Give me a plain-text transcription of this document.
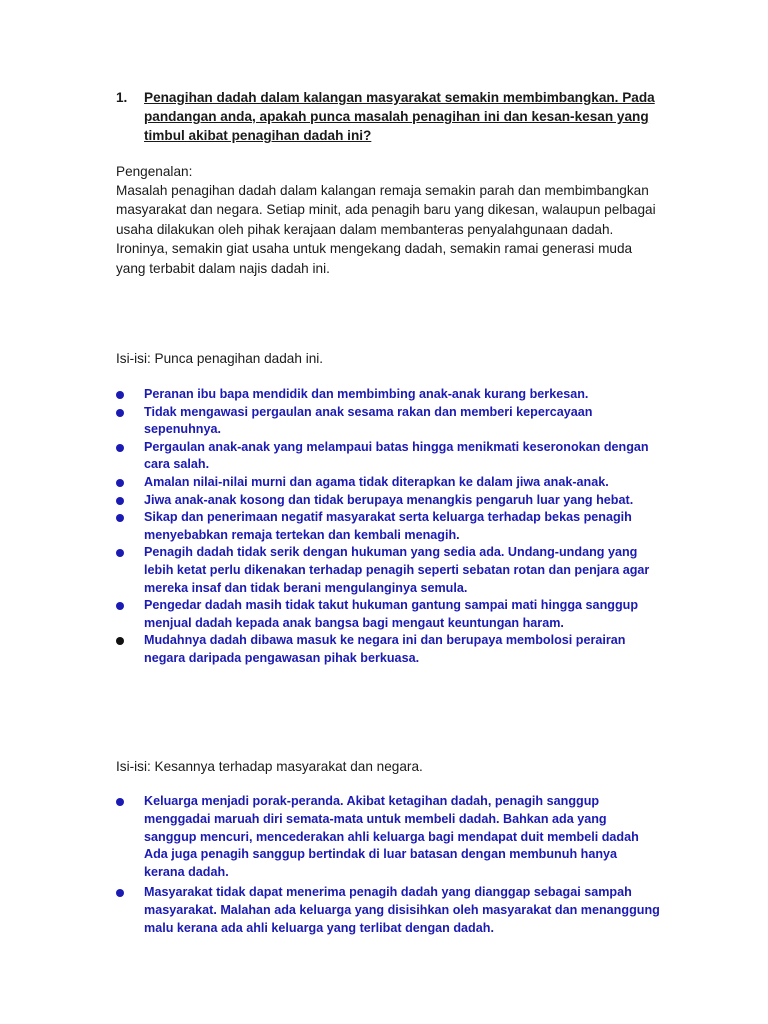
1. Penagihan dadah dalam kalangan masyarakat semakin membimbangkan. Pada pandangan anda, apakah punca masalah penagihan ini dan kesan-kesan yang timbul akibat penagihan dadah ini?
Pengenalan:
Masalah penagihan dadah dalam kalangan remaja semakin parah dan membimbangkan masyarakat dan negara. Setiap minit, ada penagih baru yang dikesan, walaupun pelbagai usaha dilakukan oleh pihak kerajaan dalam membanteras penyalahgunaan dadah. Ironinya, semakin giat usaha untuk mengekang dadah, semakin ramai generasi muda yang terbabit dalam najis dadah ini.
Isi-isi: Punca penagihan dadah ini.
Peranan ibu bapa mendidik dan membimbing anak-anak kurang berkesan.
Tidak mengawasi pergaulan anak sesama rakan dan memberi kepercayaan sepenuhnya.
Pergaulan anak-anak yang melampaui batas hingga menikmati keseronokan dengan cara salah.
Amalan nilai-nilai murni dan agama tidak diterapkan ke dalam jiwa anak-anak.
Jiwa anak-anak kosong dan tidak berupaya menangkis pengaruh luar yang hebat.
Sikap dan penerimaan negatif masyarakat serta keluarga terhadap bekas penagih menyebabkan remaja tertekan dan kembali menagih.
Penagih dadah tidak serik dengan hukuman yang sedia ada. Undang-undang yang lebih ketat perlu dikenakan terhadap penagih seperti sebatan rotan dan penjara agar mereka insaf dan tidak berani mengulanginya semula.
Pengedar dadah masih tidak takut hukuman gantung sampai mati hingga sanggup menjual dadah kepada anak bangsa bagi mengaut keuntungan haram.
Mudahnya dadah dibawa masuk ke negara ini dan berupaya membolosi perairan negara daripada pengawasan pihak berkuasa.
Isi-isi: Kesannya terhadap masyarakat dan negara.
Keluarga menjadi porak-peranda. Akibat ketagihan dadah, penagih sanggup menggadai maruah diri semata-mata untuk membeli dadah. Bahkan ada yang sanggup mencuri, mencederakan ahli keluarga bagi mendapat duit membeli dadah Ada juga penagih sanggup bertindak di luar batasan dengan membunuh hanya kerana dadah.
Masyarakat tidak dapat menerima penagih dadah yang dianggap sebagai sampah masyarakat. Malahan ada keluarga yang disisihkan oleh masyarakat dan menanggung malu kerana ada ahli keluarga yang terlibat dengan dadah.
